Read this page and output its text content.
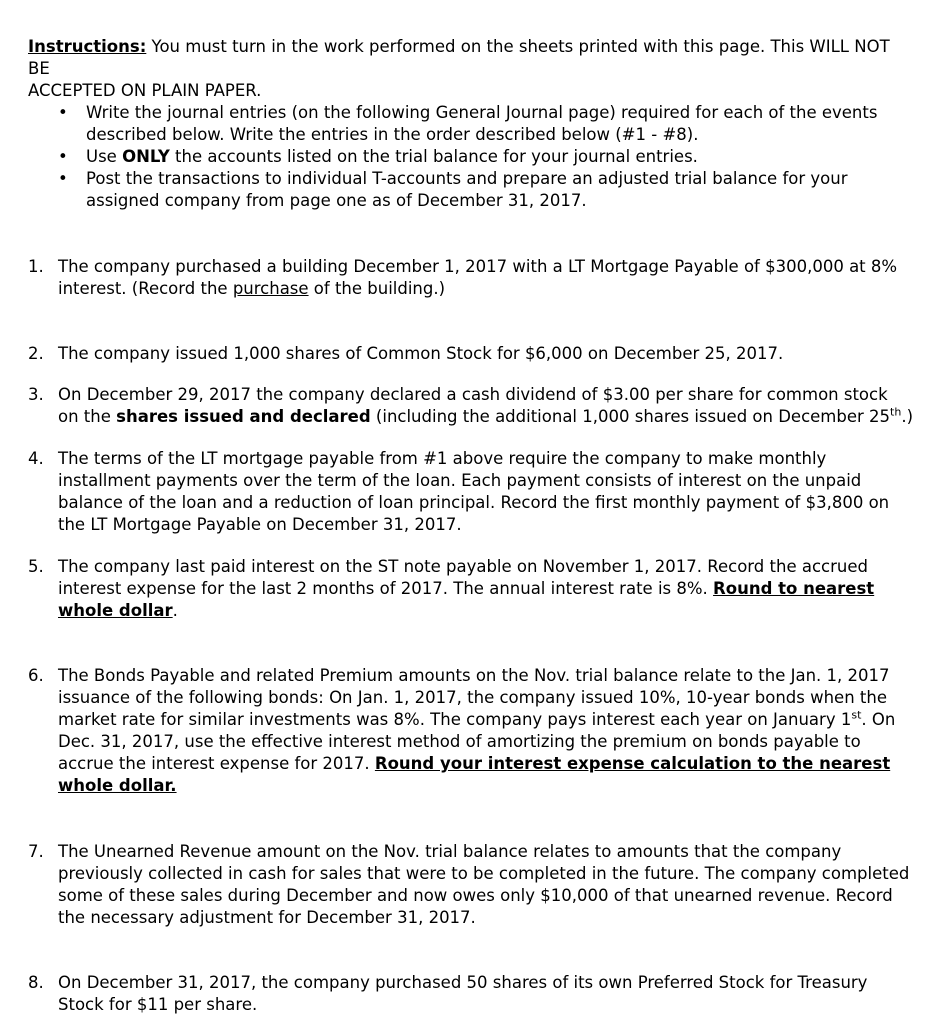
Instructions: You must turn in the work performed on the sheets printed with this page. This WILL NOT BE

ACCEPTED ON PLAIN PAPER.

• Write the journal entries (on the following General Journal page) required for each of the events described below. Write the entries in the order described below (#1 - #8).
• Use ONLY the accounts listed on the trial balance for your journal entries.
• Post the transactions to individual T-accounts and prepare an adjusted trial balance for your assigned company from page one as of December 31, 2017.
1. The company purchased a building December 1, 2017 with a LT Mortgage Payable of $300,000 at 8% interest. (Record the purchase of the building.)
2. The company issued 1,000 shares of Common Stock for $6,000 on December 25, 2017.
3. On December 29, 2017 the company declared a cash dividend of $3.00 per share for common stock on the shares issued and declared (including the additional 1,000 shares issued on December 25th.)
4. The terms of the LT mortgage payable from #1 above require the company to make monthly installment payments over the term of the loan. Each payment consists of interest on the unpaid balance of the loan and a reduction of loan principal. Record the first monthly payment of $3,800 on the LT Mortgage Payable on December 31, 2017.
5. The company last paid interest on the ST note payable on November 1, 2017. Record the accrued interest expense for the last 2 months of 2017. The annual interest rate is 8%. Round to nearest whole dollar.
6. The Bonds Payable and related Premium amounts on the Nov. trial balance relate to the Jan. 1, 2017 issuance of the following bonds: On Jan. 1, 2017, the company issued 10%, 10-year bonds when the market rate for similar investments was 8%. The company pays interest each year on January 1st. On Dec. 31, 2017, use the effective interest method of amortizing the premium on bonds payable to accrue the interest expense for 2017. Round your interest expense calculation to the nearest whole dollar.
7. The Unearned Revenue amount on the Nov. trial balance relates to amounts that the company previously collected in cash for sales that were to be completed in the future. The company completed some of these sales during December and now owes only $10,000 of that unearned revenue. Record the necessary adjustment for December 31, 2017.
8. On December 31, 2017, the company purchased 50 shares of its own Preferred Stock for Treasury Stock for $11 per share.
